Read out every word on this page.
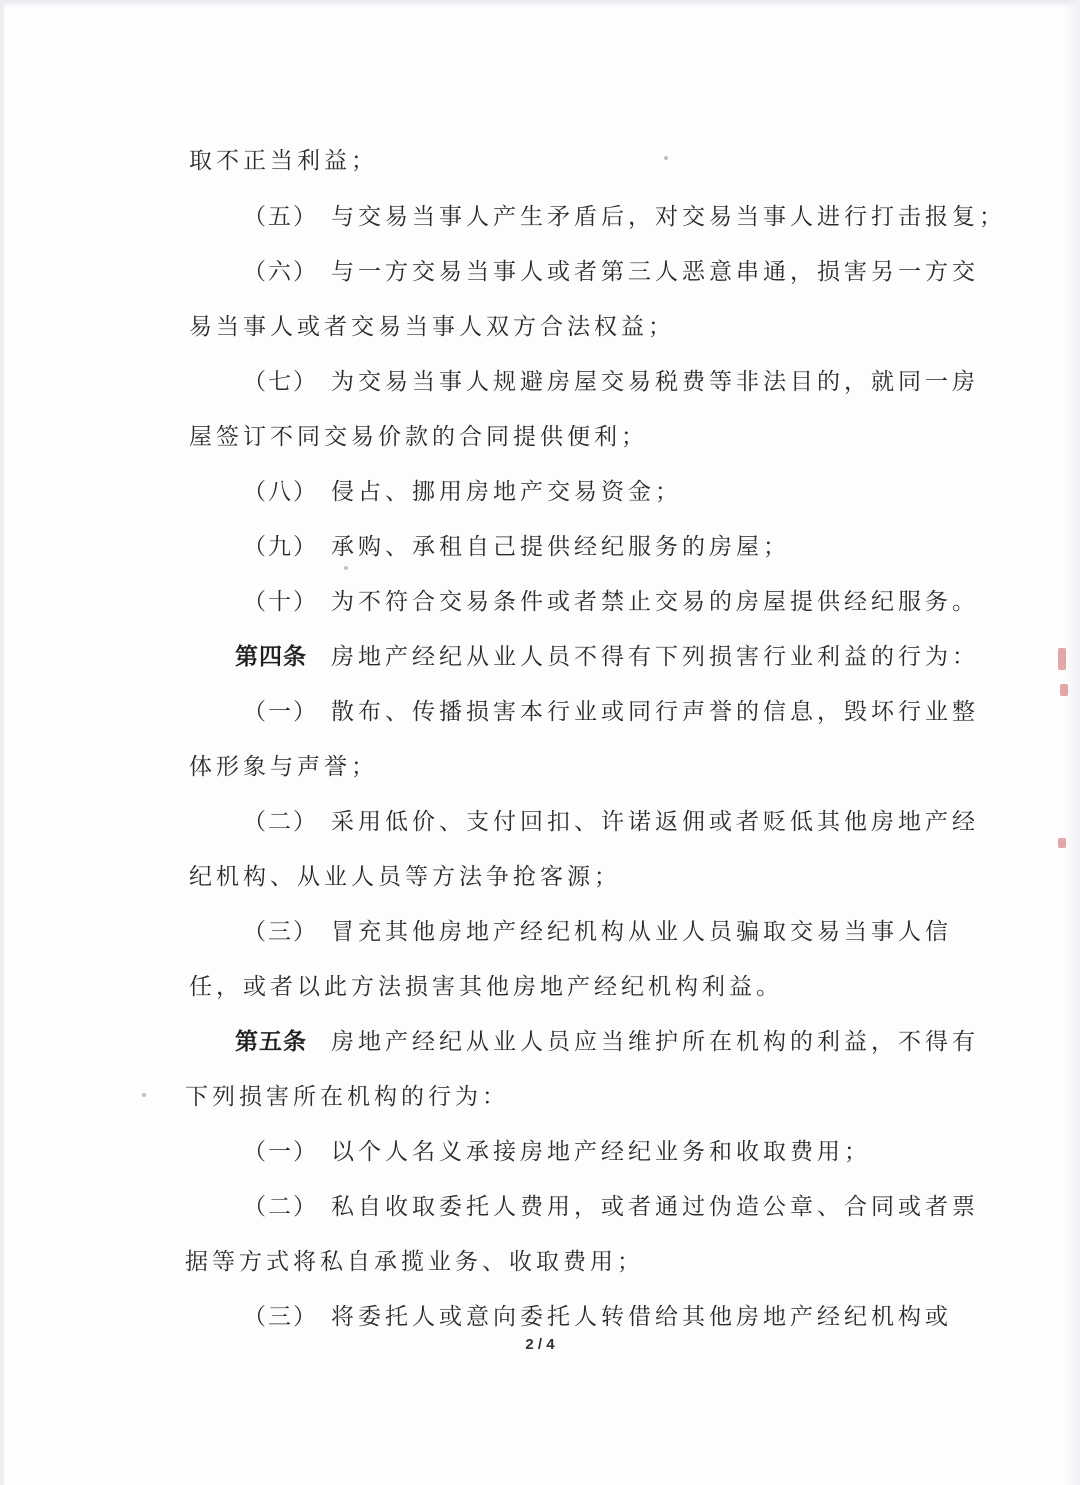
取不正当利益；
（五） 与交易当事人产生矛盾后，对交易当事人进行打击报复；
（六） 与一方交易当事人或者第三人恶意串通，损害另一方交
易当事人或者交易当事人双方合法权益；
（七） 为交易当事人规避房屋交易税费等非法目的，就同一房
屋签订不同交易价款的合同提供便利；
（八） 侵占、挪用房地产交易资金；
（九） 承购、承租自己提供经纪服务的房屋；
（十） 为不符合交易条件或者禁止交易的房屋提供经纪服务。
第四条 房地产经纪从业人员不得有下列损害行业利益的行为：
（一） 散布、传播损害本行业或同行声誉的信息，毁坏行业整
体形象与声誉；
（二） 采用低价、支付回扣、许诺返佣或者贬低其他房地产经
纪机构、从业人员等方法争抢客源；
（三） 冒充其他房地产经纪机构从业人员骗取交易当事人信
任，或者以此方法损害其他房地产经纪机构利益。
第五条 房地产经纪从业人员应当维护所在机构的利益，不得有
下列损害所在机构的行为：
（一） 以个人名义承接房地产经纪业务和收取费用；
（二） 私自收取委托人费用，或者通过伪造公章、合同或者票
据等方式将私自承揽业务、收取费用；
（三） 将委托人或意向委托人转借给其他房地产经纪机构或
2 / 4
